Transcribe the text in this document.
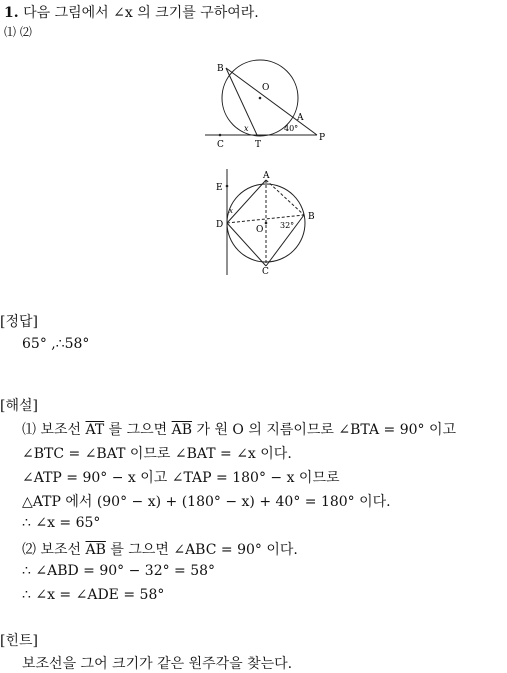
1. 다음 그림에서 ∠x 의 크기를 구하여라.
⑴ ⑵
B
O
A
x	40°
P
C	T
E
A
x
D	O 32°
B
C
[정답]
65° ,∴58°
[해설]
⑴ 보조선 $\overline{AT}$ 를 그으면 $\overline{AB}$ 가 원 O 의 지름이므로 ∠BTA = 90° 이고
∠BTC = ∠BAT 이므로 ∠BAT = ∠x 이다.
∠ATP = 90° − x 이고 ∠TAP = 180° − x 이므로
△ATP 에서 (90° − x) + (180° − x) + 40° = 180° 이다.
∴ ∠x = 65°
⑵ 보조선 $\overline{AB}$ 를 그으면 ∠ABC = 90° 이다.
∴ ∠ABD = 90° − 32° = 58°
∴ ∠x = ∠ADE = 58°
[힌트]
보조선을 그어 크기가 같은 원주각을 찾는다.
